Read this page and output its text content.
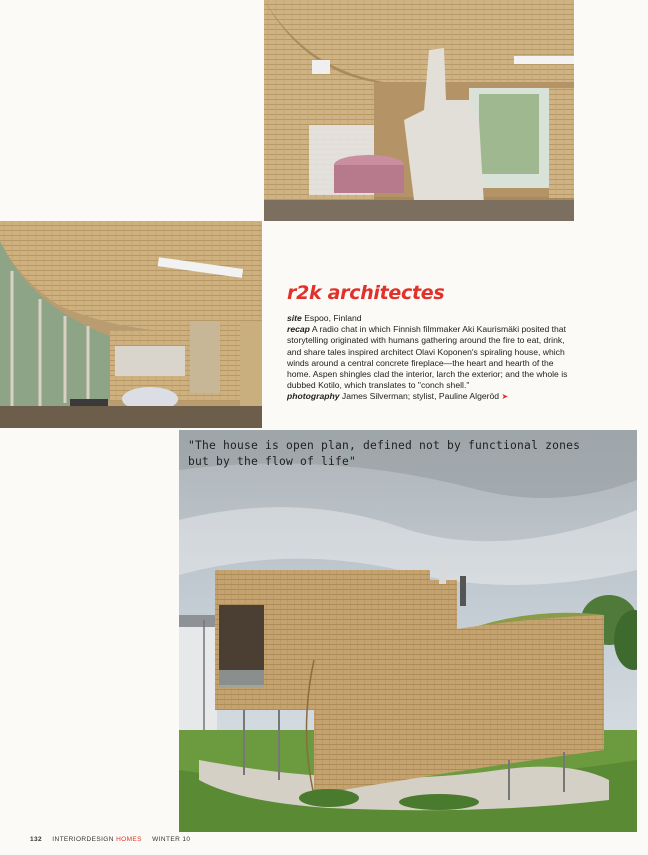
r2k architectes

site Espoo, Finland

recap A radio chat in which Finnish filmmaker Aki Kaurismäki posited that storytelling originated with humans gathering around the fire to eat, drink, and share tales inspired architect Olavi Koponen's spiraling house, which winds around a central concrete fireplace—the heart and hearth of the home. Aspen shingles clad the interior, larch the exterior; and the whole is dubbed Kotilo, which translates to "conch shell."

photography James Silverman; stylist, Pauline Algeröd ➤

"The house is open plan, defined not by functional zones
but by the flow of life"

132 INTERIORDESIGN HOMES WINTER 10
